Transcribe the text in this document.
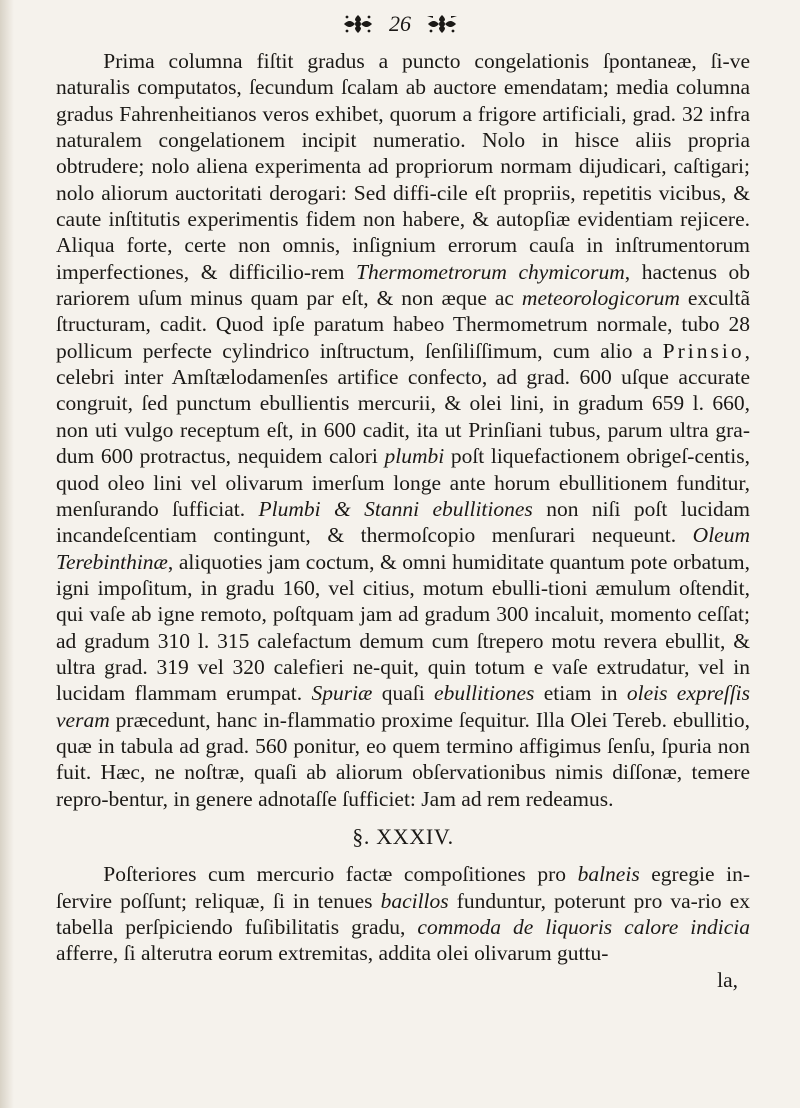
26

Prima columna fiſtit gradus a puncto congelationis ſpontaneæ, ſi-ve naturalis computatos, ſecundum ſcalam ab auctore emendatam; media columna gradus Fahrenheitianos veros exhibet, quorum a frigore artificiali, grad. 32 infra naturalem congelationem incipit numeratio. Nolo in hisce aliis propria obtrudere; nolo aliena experimenta ad propriorum normam dijudicari, caſtigari; nolo aliorum auctoritati derogari: Sed diffi-cile eſt propriis, repetitis vicibus, & caute inſtitutis experimentis fidem non habere, & autopſiæ evidentiam rejicere. Aliqua forte, certe non omnis, inſignium errorum cauſa in inſtrumentorum imperfectiones, & difficilio-rem Thermometrorum chymicorum, hactenus ob rariorem uſum minus quam par eſt, & non æque ac meteorologicorum excultã ſtructuram, cadit. Quod ipſe paratum habeo Thermometrum normale, tubo 28 pollicum perfecte cylindrico inſtructum, ſenſiliſſimum, cum alio a Prinsio, celebri inter Amſtælodamenſes artifice confecto, ad grad. 600 uſque accurate congruit, ſed punctum ebullientis mercurii, & olei lini, in gradum 659 l. 660, non uti vulgo receptum eſt, in 600 cadit, ita ut Prinſiani tubus, parum ultra gra-dum 600 protractus, nequidem calori plumbi poſt liquefactionem obrigeſ-centis, quod oleo lini vel olivarum imerſum longe ante horum ebullitionem funditur, menſurando ſufficiat. Plumbi & Stanni ebullitiones non niſi poſt lucidam incandeſcentiam contingunt, & thermoſcopio menſurari nequeunt. Oleum Terebinthinæ, aliquoties jam coctum, & omni humiditate quantum pote orbatum, igni impoſitum, in gradu 160, vel citius, motum ebulli-tioni æmulum oſtendit, qui vaſe ab igne remoto, poſtquam jam ad gradum 300 incaluit, momento ceſſat; ad gradum 310 l. 315 calefactum demum cum ſtrepero motu revera ebullit, & ultra grad. 319 vel 320 calefieri ne-quit, quin totum e vaſe extrudatur, vel in lucidam flammam erumpat. Spuriæ quaſi ebullitiones etiam in oleis expreſſis veram præcedunt, hanc in-flammatio proxime ſequitur. Illa Olei Tereb. ebullitio, quæ in tabula ad grad. 560 ponitur, eo quem termino affigimus ſenſu, ſpuria non fuit. Hæc, ne noſtræ, quaſi ab aliorum obſervationibus nimis diſſonæ, temere repro-bentur, in genere adnotaſſe ſufficiet: Jam ad rem redeamus.

§. XXXIV.

Poſteriores cum mercurio factæ compoſitiones pro balneis egregie in-ſervire poſſunt; reliquæ, ſi in tenues bacillos funduntur, poterunt pro va-rio ex tabella perſpiciendo fuſibilitatis gradu, commoda de liquoris calore indicia afferre, ſi alterutra eorum extremitas, addita olei olivarum guttu-

la,
